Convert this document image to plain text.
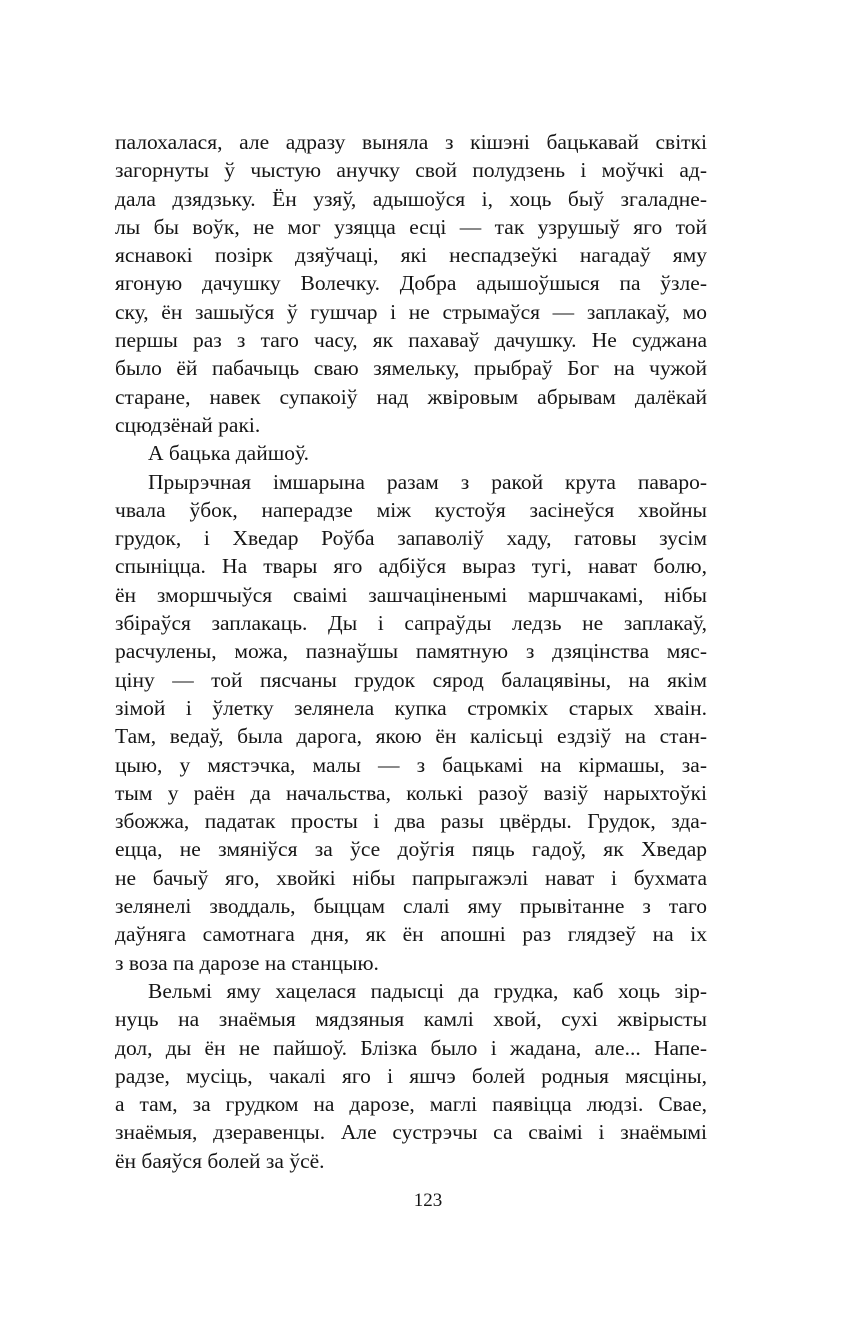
палохалася, але адразу выняла з кішэні бацькавай світкі
загорнуты ў чыстую анучку свой полудзень і моўчкі ад-
дала дзядзьку. Ён узяў, адышоўся і, хоць быў згаладне-
лы бы воўк, не мог узяцца есці — так узрушыў яго той
яснавокі позірк дзяўчаці, які неспадзеўкі нагадаў яму
ягоную дачушку Волечку. Добра адышоўшыся па ўзле-
ску, ён зашыўся ў гушчар і не стрымаўся — заплакаў, мо
першы раз з таго часу, як пахаваў дачушку. Не суджана
было ёй пабачыць сваю зямельку, прыбраў Бог на чужой
старане, навек супакоіў над жвіровым абрывам далёкай
сцюдзёнай ракі.
А бацька дайшоў.
Прырэчная імшарына разам з ракой крута паваро-
чвала ўбок, наперадзе між кустоўя засінеўся хвойны
грудок, і Хведар Роўба запаволіў хаду, гатовы зусім
спыніцца. На твары яго адбіўся выраз тугі, нават болю,
ён зморшчыўся сваімі зашчаціненымі маршчакамі, нібы
збіраўся заплакаць. Ды і сапраўды ледзь не заплакаў,
расчулены, можа, пазнаўшы памятную з дзяцінства мяс-
ціну — той пясчаны грудок сярод балацявіны, на якім
зімой і ўлетку зелянела купка стромкіх старых хваін.
Там, ведаў, была дарога, якою ён калісьці ездзіў на стан-
цыю, у мястэчка, малы — з бацькамі на кірмашы, за-
тым у раён да начальства, колькі разоў вазіў нарыхтоўкі
збожжа, падатак просты і два разы цвёрды. Грудок, зда-
ецца, не змяніўся за ўсе доўгія пяць гадоў, як Хведар
не бачыў яго, хвойкі нібы папрыгажэлі нават і бухмата
зелянелі зводдаль, быццам слалі яму прывітанне з таго
даўняга самотнага дня, як ён апошні раз глядзеў на іх
з воза па дарозе на станцыю.
Вельмі яму хацелася падысці да грудка, каб хоць зір-
нуць на знаёмыя мядзяныя камлі хвой, сухі жвірысты
дол, ды ён не пайшоў. Блізка было і жадана, але... Напе-
радзе, мусіць, чакалі яго і яшчэ болей родныя мясціны,
а там, за грудком на дарозе, маглі паявіцца людзі. Свае,
знаёмыя, дзеравенцы. Але сустрэчы са сваімі і знаёмымі
ён баяўся болей за ўсё.
123
